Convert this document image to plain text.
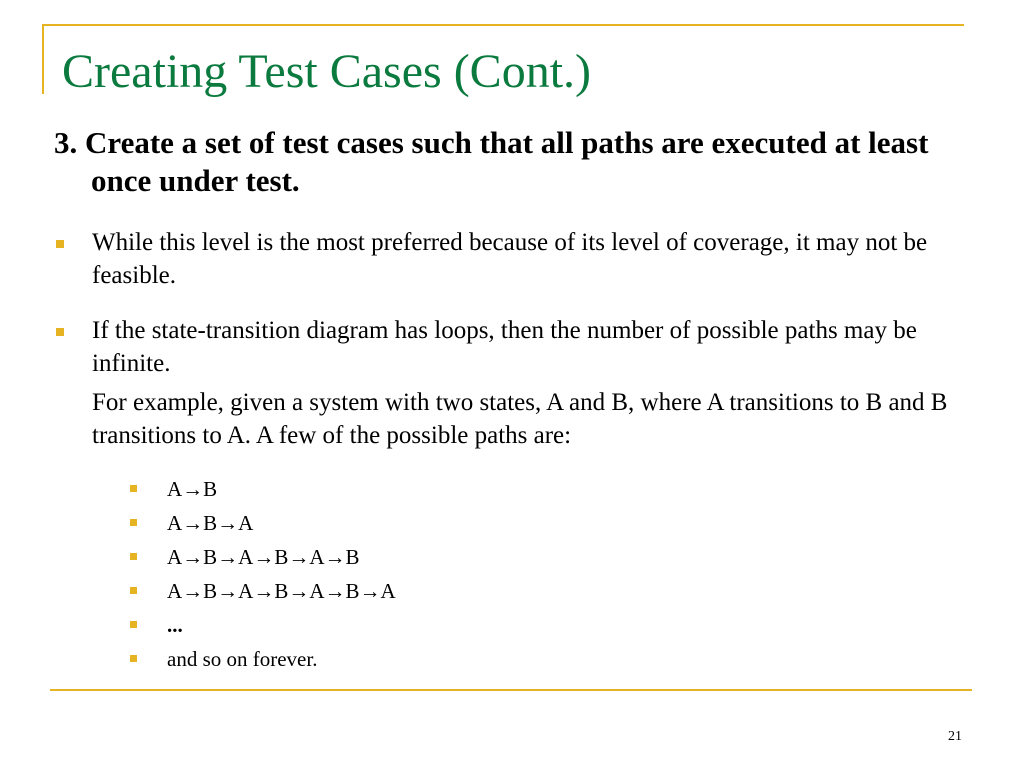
Creating Test Cases (Cont.)
3. Create a set of test cases such that all paths are executed at least once under test.
While this level is the most preferred because of its level of coverage, it may not be feasible.
If the state-transition diagram has loops, then the number of possible paths may be infinite.
For example, given a system with two states, A and B, where A transitions to B and B transitions to A. A few of the possible paths are:
A→B
A→B→A
A→B→A→B→A→B
A→B→A→B→A→B→A
...
and so on forever.
21
